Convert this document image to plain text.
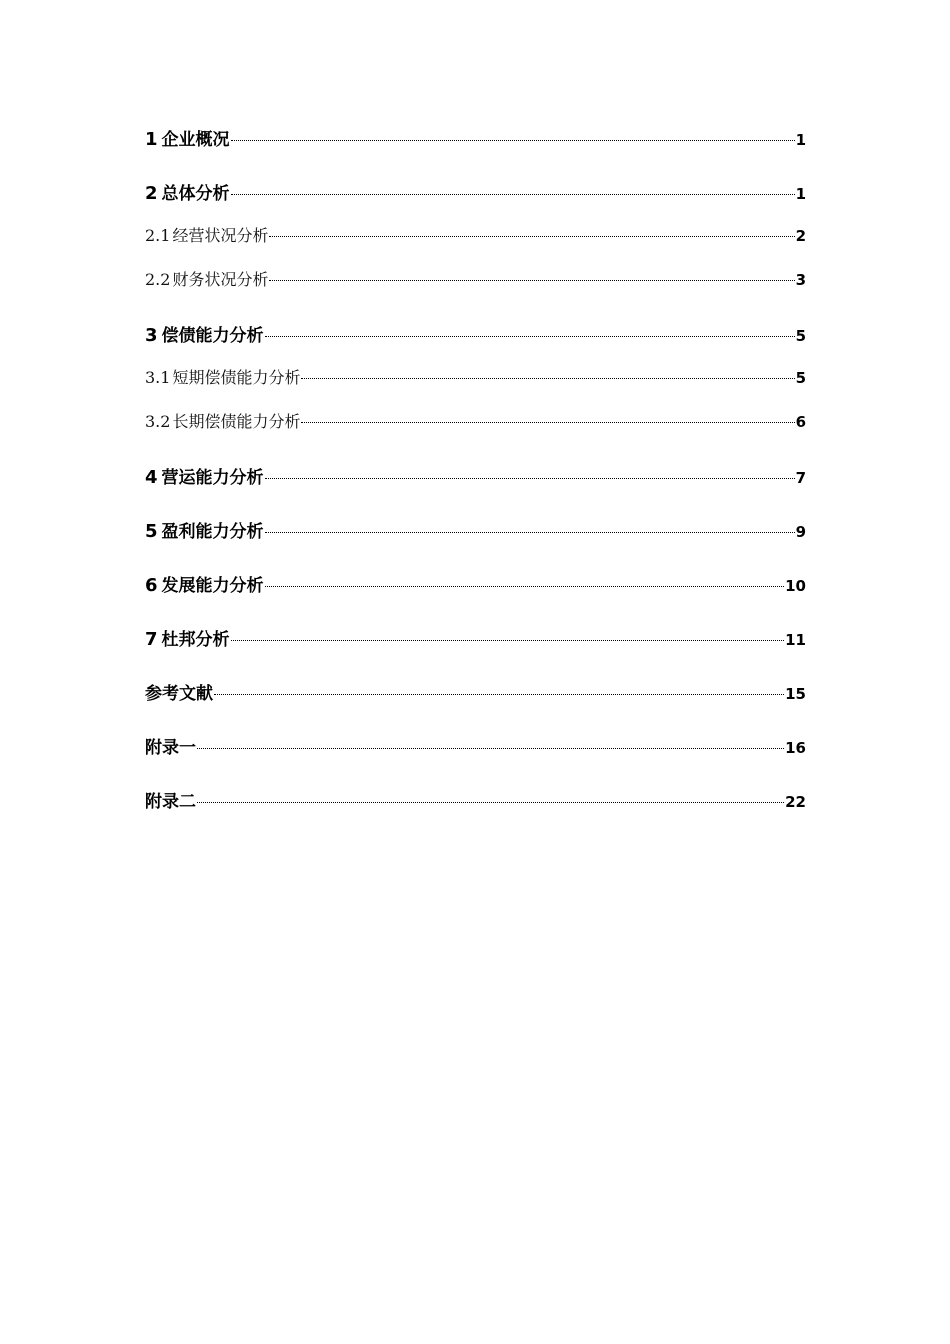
1 企业概况	1
2 总体分析	1
2.1 经营状况分析	2
2.2 财务状况分析	3
3 偿债能力分析	5
3.1 短期偿债能力分析	5
3.2 长期偿债能力分析	6
4 营运能力分析	7
5 盈利能力分析	9
6 发展能力分析	10
7 杜邦分析	11
参考文献	15
附录一	16
附录二	22
